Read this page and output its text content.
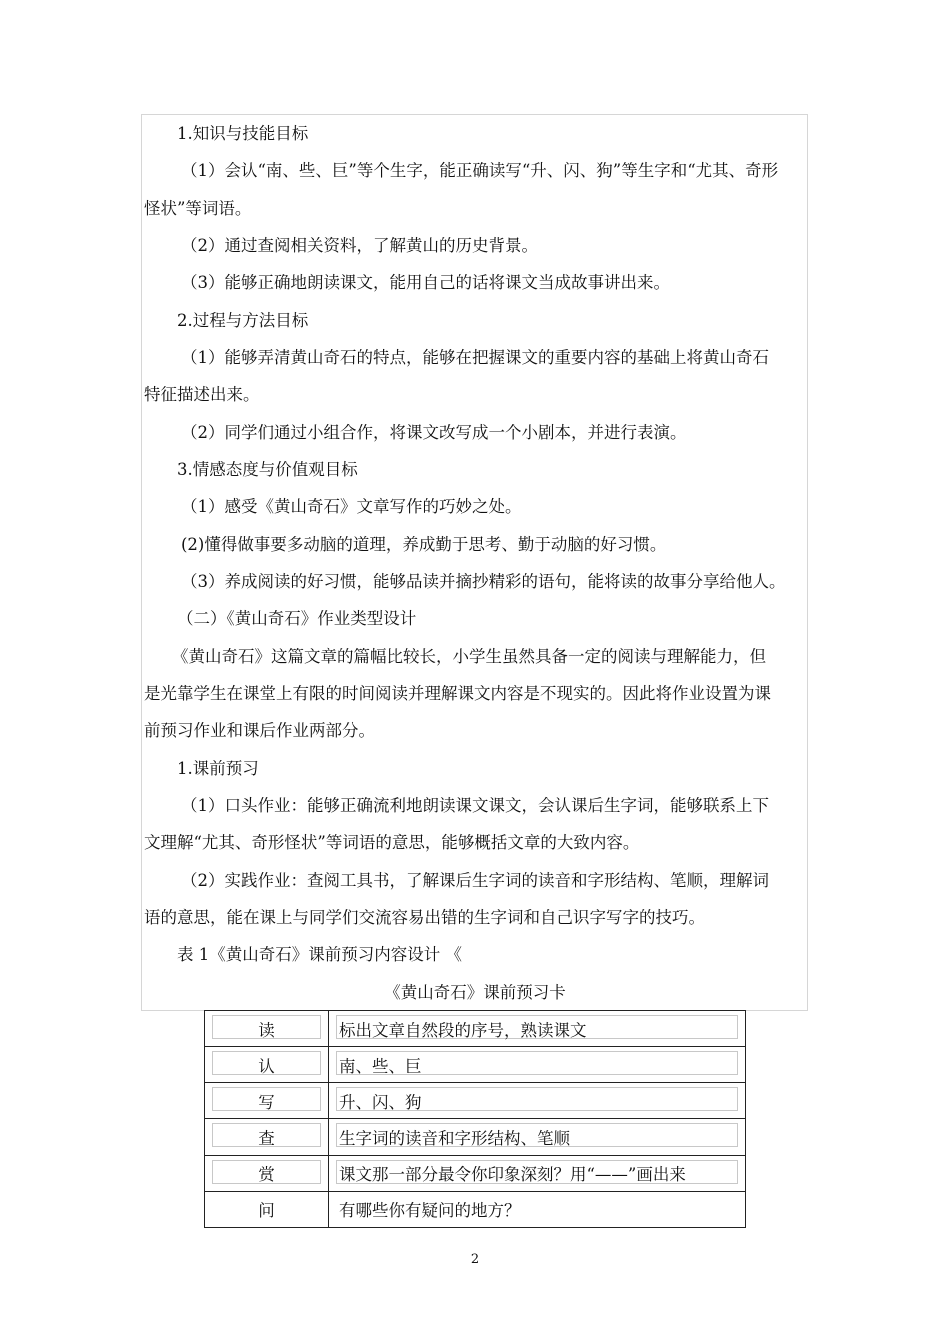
1.知识与技能目标

（1）会认“南、些、巨”等个生字，能正确读写“升、闪、狗”等生字和“尤其、奇形

怪状”等词语。

（2）通过查阅相关资料，了解黄山的历史背景。

（3）能够正确地朗读课文，能用自己的话将课文当成故事讲出来。

2.过程与方法目标

（1）能够弄清黄山奇石的特点，能够在把握课文的重要内容的基础上将黄山奇石

特征描述出来。

（2）同学们通过小组合作，将课文改写成一个小剧本，并进行表演。

3.情感态度与价值观目标

（1）感受《黄山奇石》文章写作的巧妙之处。

(2)懂得做事要多动脑的道理，养成勤于思考、勤于动脑的好习惯。

（3）养成阅读的好习惯，能够品读并摘抄精彩的语句，能将读的故事分享给他人。

（二）《黄山奇石》作业类型设计

《黄山奇石》这篇文章的篇幅比较长，小学生虽然具备一定的阅读与理解能力，但

是光靠学生在课堂上有限的时间阅读并理解课文内容是不现实的。因此将作业设置为课

前预习作业和课后作业两部分。

1.课前预习

（1）口头作业：能够正确流利地朗读课文课文，会认课后生字词，能够联系上下

文理解“尤其、奇形怪状”等词语的意思，能够概括文章的大致内容。

（2）实践作业：查阅工具书，了解课后生字词的读音和字形结构、笔顺，理解词

语的意思，能在课上与同学们交流容易出错的生字词和自己识字写字的技巧。

表 1《黄山奇石》课前预习内容设计 《

《黄山奇石》课前预习卡

读	标出文章自然段的序号，熟读课文

认	南、些、巨

写	升、闪、狗

查	生字词的读音和字形结构、笔顺

赏	课文那一部分最令你印象深刻？用“——”画出来
问	有哪些你有疑问的地方？
2
